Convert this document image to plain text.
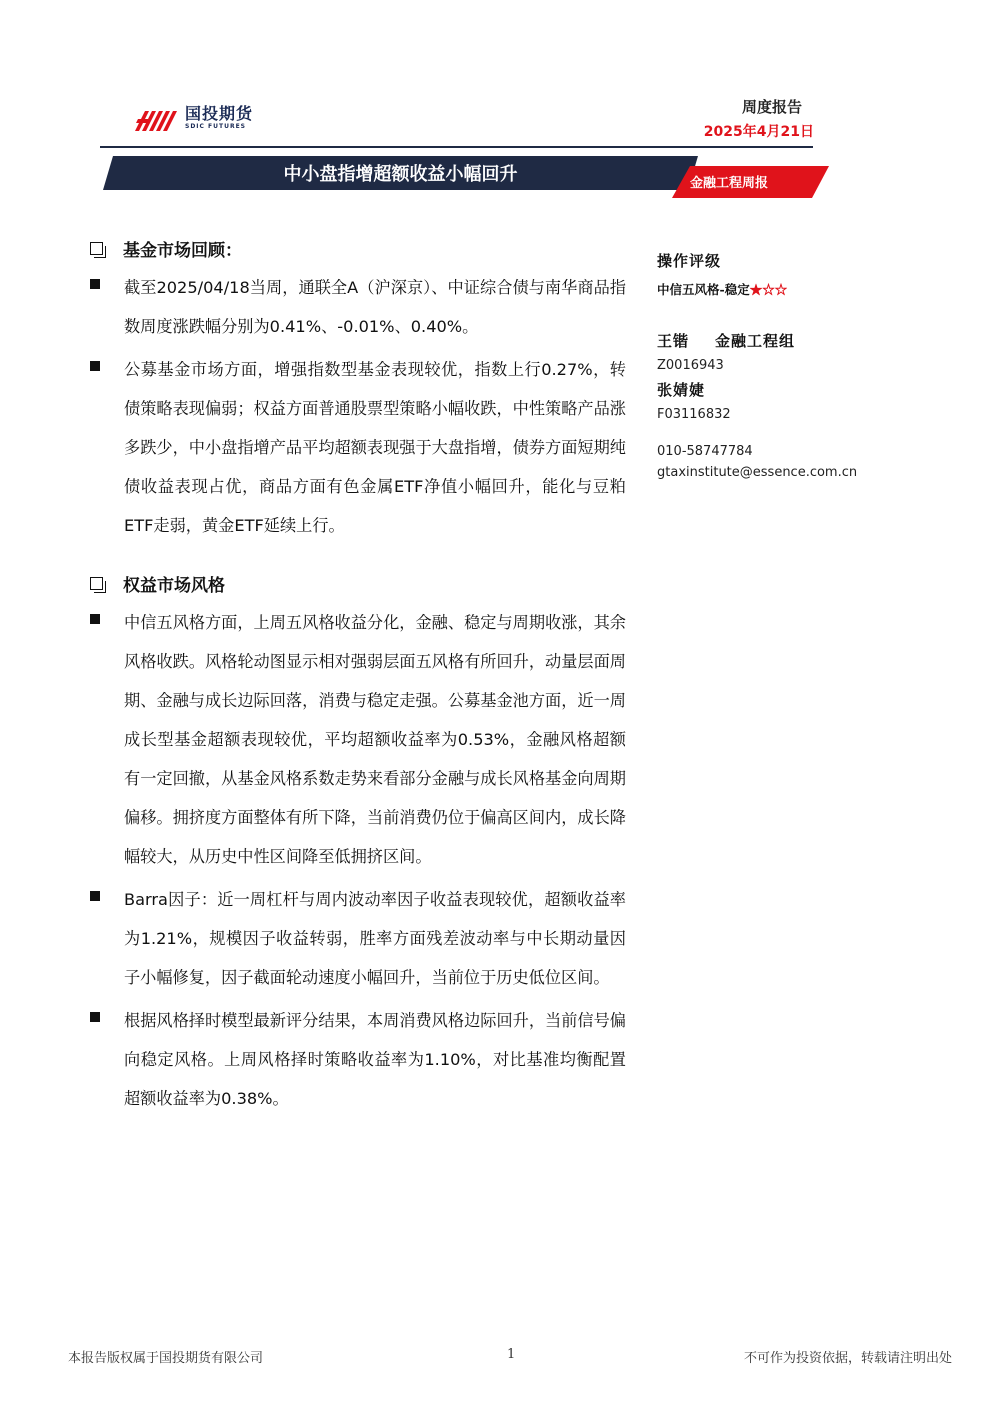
国投期货
SDIC FUTURES
周度报告
2025年4月21日
中小盘指增超额收益小幅回升	金融工程周报
基金市场回顾：
截至2025/04/18当周，通联全A（沪深京）、中证综合债与南华商品指数周度涨跌幅分别为0.41%、-0.01%、0.40%。
公募基金市场方面，增强指数型基金表现较优，指数上行0.27%，转债策略表现偏弱；权益方面普通股票型策略小幅收跌，中性策略产品涨多跌少，中小盘指增产品平均超额表现强于大盘指增，债券方面短期纯债收益表现占优，商品方面有色金属ETF净值小幅回升，能化与豆粕ETF走弱，黄金ETF延续上行。
权益市场风格
中信五风格方面，上周五风格收益分化，金融、稳定与周期收涨，其余风格收跌。风格轮动图显示相对强弱层面五风格有所回升，动量层面周期、金融与成长边际回落，消费与稳定走强。公募基金池方面，近一周成长型基金超额表现较优，平均超额收益率为0.53%，金融风格超额有一定回撤，从基金风格系数走势来看部分金融与成长风格基金向周期偏移。拥挤度方面整体有所下降，当前消费仍位于偏高区间内，成长降幅较大，从历史中性区间降至低拥挤区间。
Barra因子：近一周杠杆与周内波动率因子收益表现较优，超额收益率为1.21%，规模因子收益转弱，胜率方面残差波动率与中长期动量因子小幅修复，因子截面轮动速度小幅回升，当前位于历史低位区间。
根据风格择时模型最新评分结果，本周消费风格边际回升，当前信号偏向稳定风格。上周风格择时策略收益率为1.10%，对比基准均衡配置超额收益率为0.38%。
操作评级
中信五风格-稳定★☆☆
王锴 金融工程组
Z0016943
张婧婕
F03116832
010-58747784
gtaxinstitute@essence.com.cn
本报告版权属于国投期货有限公司	1	不可作为投资依据，转载请注明出处
